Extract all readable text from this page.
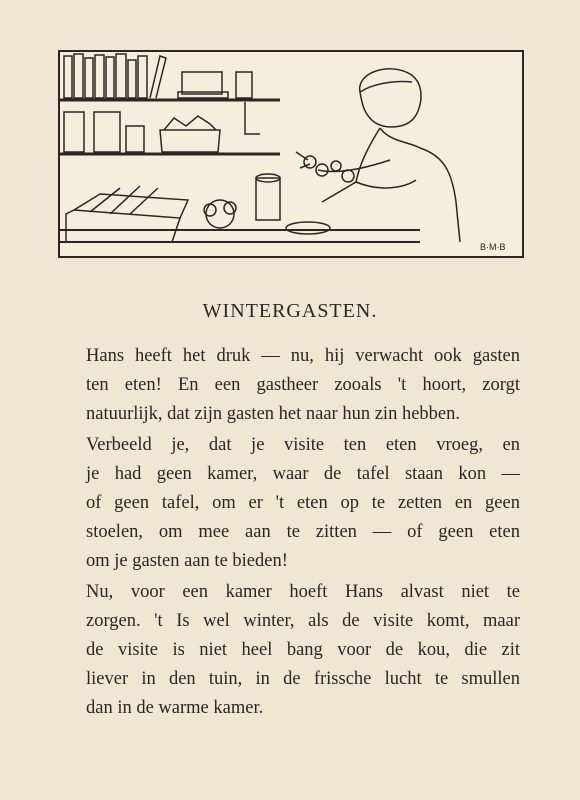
B·M·B
WINTERGASTEN.

Hans heeft het druk — nu, hij verwacht ook gasten
ten eten! En een gastheer zooals 't hoort, zorgt
natuurlijk, dat zijn gasten het naar hun zin hebben.

Verbeeld je, dat je visite ten eten vroeg, en
je had geen kamer, waar de tafel staan kon —
of geen tafel, om er 't eten op te zetten en geen
stoelen, om mee aan te zitten — of geen eten
om je gasten aan te bieden!

Nu, voor een kamer hoeft Hans alvast niet te
zorgen. 't Is wel winter, als de visite komt, maar
de visite is niet heel bang voor de kou, die zit
liever in den tuin, in de frissche lucht te smullen
dan in de warme kamer.
